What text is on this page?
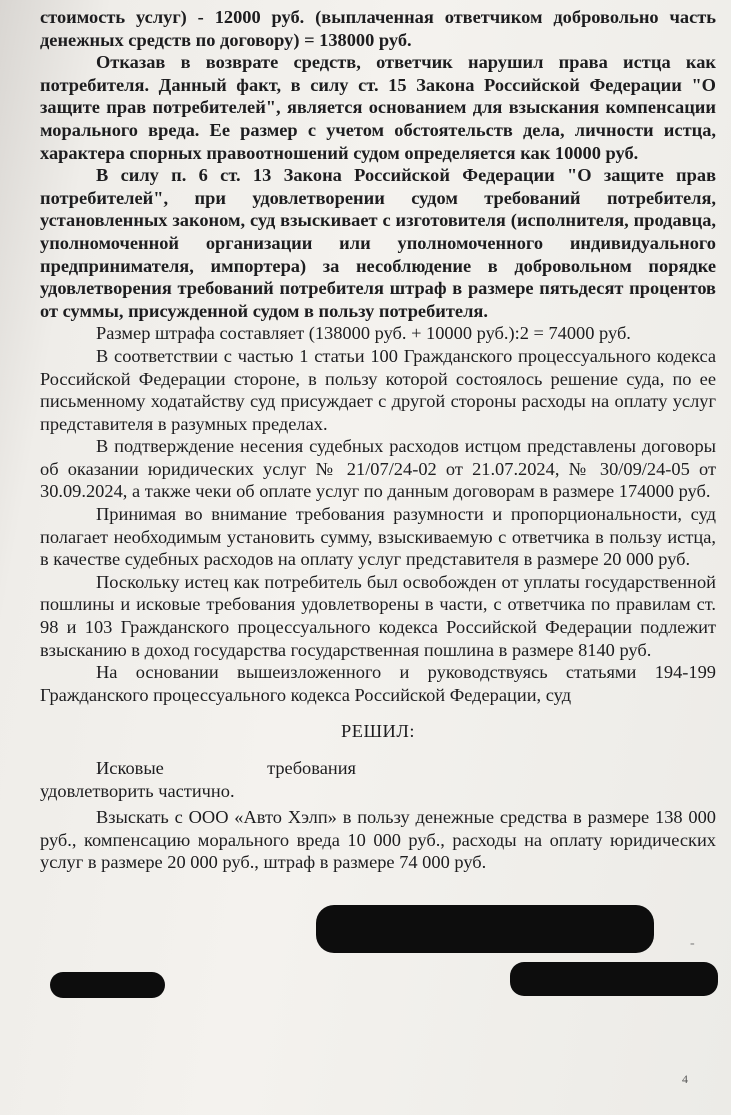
стоимость услуг) - 12000 руб. (выплаченная ответчиком добровольно часть денежных средств по договору) = 138000 руб.

Отказав в возврате средств, ответчик нарушил права истца как потребителя. Данный факт, в силу ст. 15 Закона Российской Федерации "О защите прав потребителей", является основанием для взыскания компенсации морального вреда. Ее размер с учетом обстоятельств дела, личности истца, характера спорных правоотношений судом определяется как 10000 руб.

В силу п. 6 ст. 13 Закона Российской Федерации "О защите прав потребителей", при удовлетворении судом требований потребителя, установленных законом, суд взыскивает с изготовителя (исполнителя, продавца, уполномоченной организации или уполномоченного индивидуального предпринимателя, импортера) за несоблюдение в добровольном порядке удовлетворения требований потребителя штраф в размере пятьдесят процентов от суммы, присужденной судом в пользу потребителя.

Размер штрафа составляет (138000 руб. + 10000 руб.):2 = 74000 руб.

В соответствии с частью 1 статьи 100 Гражданского процессуального кодекса Российской Федерации стороне, в пользу которой состоялось решение суда, по ее письменному ходатайству суд присуждает с другой стороны расходы на оплату услуг представителя в разумных пределах.

В подтверждение несения судебных расходов истцом представлены договоры об оказании юридических услуг № 21/07/24-02 от 21.07.2024, № 30/09/24-05 от 30.09.2024, а также чеки об оплате услуг по данным договорам в размере 174000 руб.

Принимая во внимание требования разумности и пропорциональности, суд полагает необходимым установить сумму, взыскиваемую с ответчика в пользу истца, в качестве судебных расходов на оплату услуг представителя в размере 20 000 руб.

Поскольку истец как потребитель был освобожден от уплаты государственной пошлины и исковые требования удовлетворены в части, с ответчика по правилам ст. 98 и 103 Гражданского процессуального кодекса Российской Федерации подлежит взысканию в доход государства государственная пошлина в размере 8140 руб.

На основании вышеизложенного и руководствуясь статьями 194-199 Гражданского процессуального кодекса Российской Федерации, суд

РЕШИЛ:

Исковые требования удовлетворить частично.

Взыскать с ООО «Авто Хэлп» в пользу денежные средства в размере 138 000 руб., компенсацию морального вреда 10 000 руб., расходы на оплату юридических услуг в размере 20 000 руб., штраф в размере 74 000 руб.

-
4
